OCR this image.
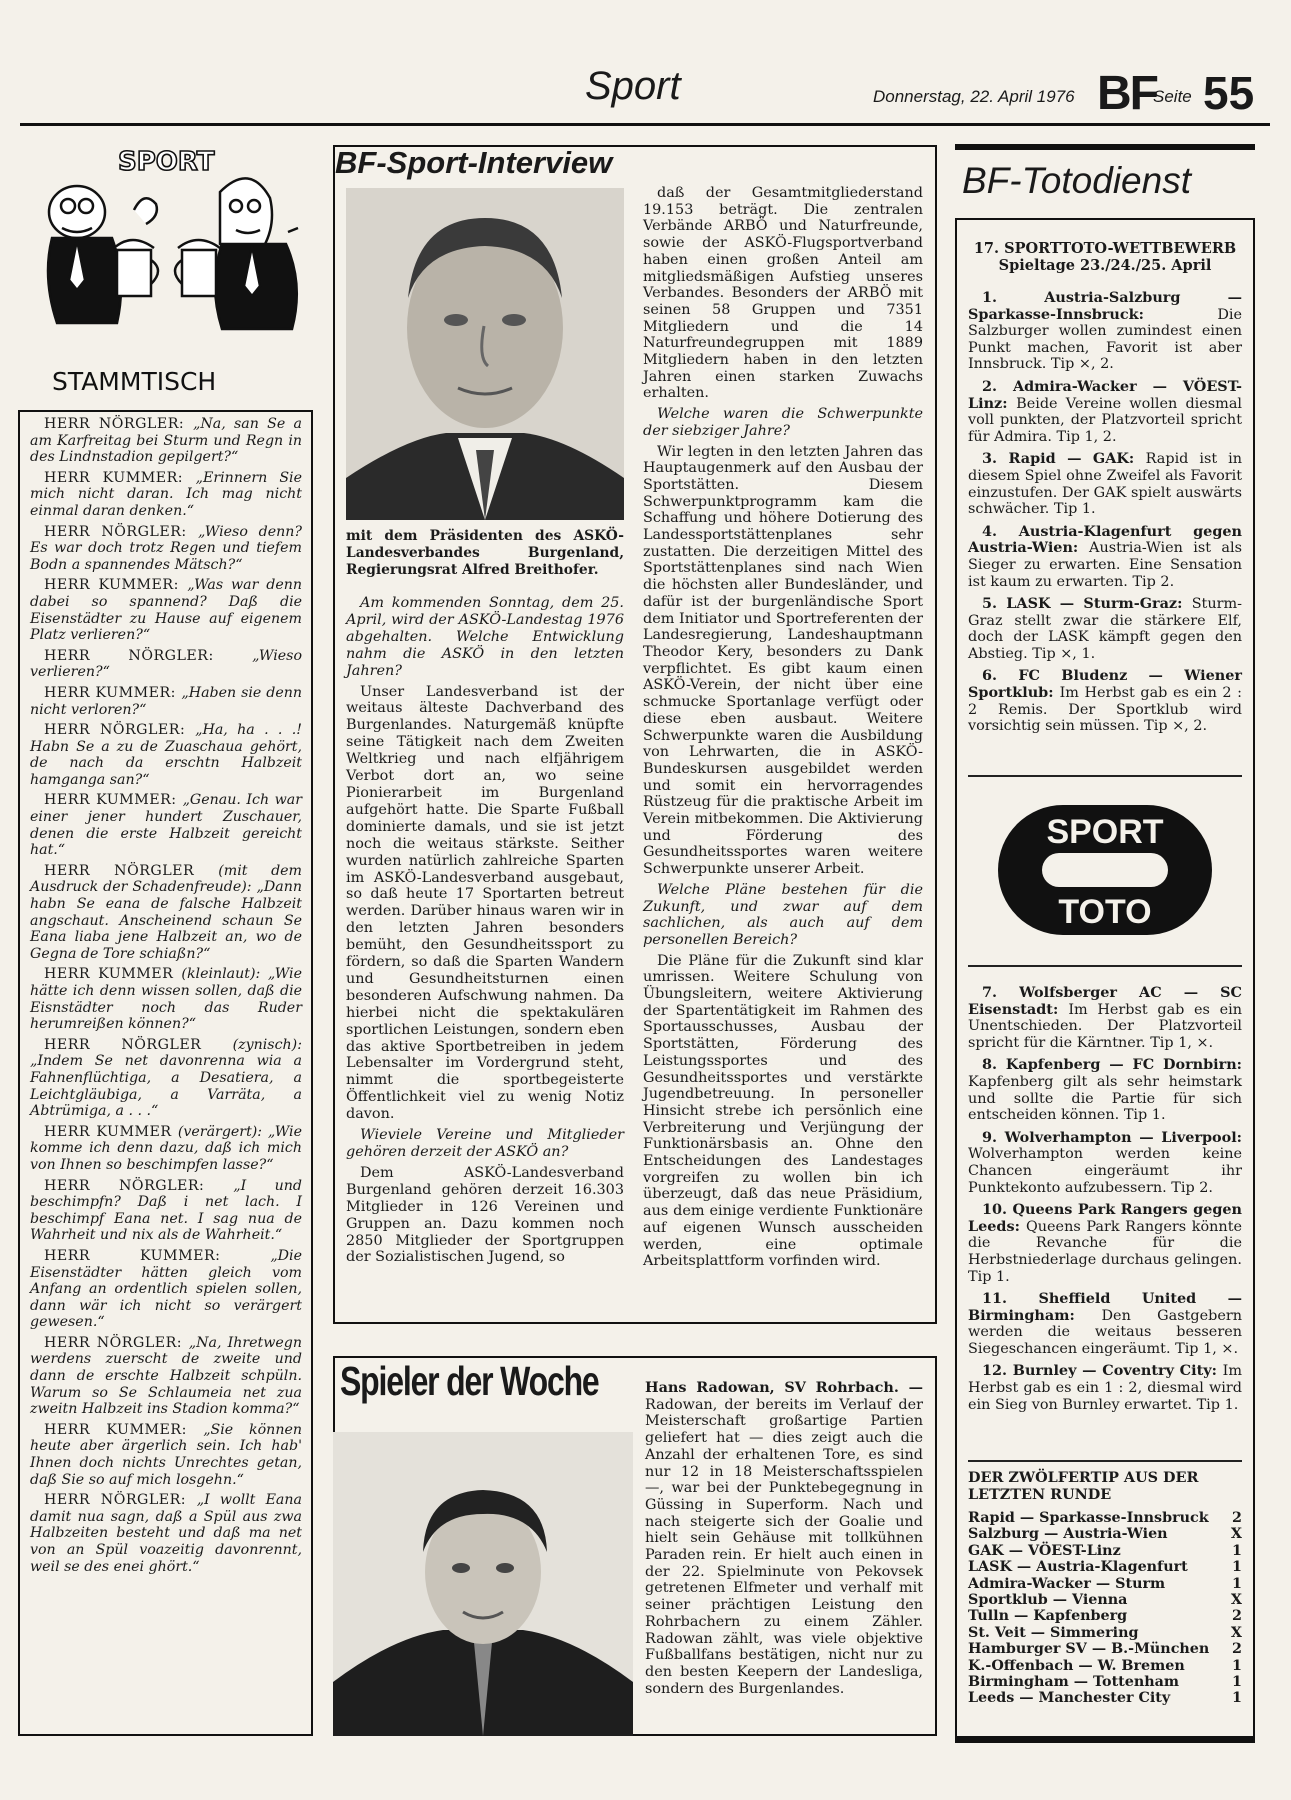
Sport	Donnerstag, 22. April 1976 BF
Seite 55
SPORT
STAMMTISCH

HERR NÖRGLER: „Na, san Se a am Karfreitag bei Sturm und Regn in des Lindnstadion gepilgert?“

HERR KUMMER: „Erinnern Sie mich nicht daran. Ich mag nicht einmal daran denken.“

HERR NÖRGLER: „Wieso denn? Es war doch trotz Regen und tiefem Bodn a spannendes Mätsch?“

HERR KUMMER: „Was war denn dabei so spannend? Daß die Eisenstädter zu Hause auf eigenem Platz verlieren?“

HERR NÖRGLER: „Wieso verlieren?“

HERR KUMMER: „Haben sie denn nicht verloren?“

HERR NÖRGLER: „Ha, ha . . .! Habn Se a zu de Zuaschaua gehört, de nach da erschtn Halbzeit hamganga san?“

HERR KUMMER: „Genau. Ich war einer jener hundert Zuschauer, denen die erste Halbzeit gereicht hat.“

HERR NÖRGLER (mit dem Ausdruck der Schadenfreude): „Dann habn Se eana de falsche Halbzeit angschaut. Anscheinend schaun Se Eana liaba jene Halbzeit an, wo de Gegna de Tore schiaßn?“

HERR KUMMER (kleinlaut): „Wie hätte ich denn wissen sollen, daß die Eisnstädter noch das Ruder herumreißen können?“

HERR NÖRGLER (zynisch): „Indem Se net davonrenna wia a Fahnenflüchtiga, a Desatiera, a Leichtgläubiga, a Varräta, a Abtrümiga, a . . .“

HERR KUMMER (verärgert): „Wie komme ich denn dazu, daß ich mich von Ihnen so beschimpfen lasse?“

HERR NÖRGLER: „I und beschimpfn? Daß i net lach. I beschimpf Eana net. I sag nua de Wahrheit und nix als de Wahrheit.“

HERR KUMMER: „Die Eisenstädter hätten gleich vom Anfang an ordentlich spielen sollen, dann wär ich nicht so verärgert gewesen.“

HERR NÖRGLER: „Na, Ihretwegn werdens zuerscht de zweite und dann de erschte Halbzeit schpüln. Warum so Se Schlaumeia net zua zweitn Halbzeit ins Stadion komma?“

HERR KUMMER: „Sie können heute aber ärgerlich sein. Ich hab' Ihnen doch nichts Unrechtes getan, daß Sie so auf mich losgehn.“

HERR NÖRGLER: „I wollt Eana damit nua sagn, daß a Spül aus zwa Halbzeiten besteht und daß ma net von an Spül voazeitig davonrennt, weil se des enei ghört.“

BF-Sport-Interview
mit dem Präsidenten des ASKÖ-Landesverbandes Burgenland, Regierungsrat Alfred Breithofer.

Am kommenden Sonntag, dem 25. April, wird der ASKÖ-Landestag 1976 abgehalten. Welche Entwicklung nahm die ASKÖ in den letzten Jahren?

Unser Landesverband ist der weitaus älteste Dachverband des Burgenlandes. Naturgemäß knüpfte seine Tätigkeit nach dem Zweiten Weltkrieg und nach elfjährigem Verbot dort an, wo seine Pionierarbeit im Burgenland aufgehört hatte. Die Sparte Fußball dominierte damals, und sie ist jetzt noch die weitaus stärkste. Seither wurden natürlich zahlreiche Sparten im ASKÖ-Landesverband ausgebaut, so daß heute 17 Sportarten betreut werden. Darüber hinaus waren wir in den letzten Jahren besonders bemüht, den Gesundheitssport zu fördern, so daß die Sparten Wandern und Gesundheitsturnen einen besonderen Aufschwung nahmen. Da hierbei nicht die spektakulären sportlichen Leistungen, sondern eben das aktive Sportbetreiben in jedem Lebensalter im Vordergrund steht, nimmt die sportbegeisterte Öffentlichkeit viel zu wenig Notiz davon.

Wieviele Vereine und Mitglieder gehören derzeit der ASKÖ an?

Dem ASKÖ-Landesverband Burgenland gehören derzeit 16.303 Mitglieder in 126 Vereinen und Gruppen an. Dazu kommen noch 2850 Mitglieder der Sportgruppen der Sozialistischen Jugend, so

daß der Gesamtmitgliederstand 19.153 beträgt. Die zentralen Verbände ARBÖ und Naturfreunde, sowie der ASKÖ-Flugsportverband haben einen großen Anteil am mitgliedsmäßigen Aufstieg unseres Verbandes. Besonders der ARBÖ mit seinen 58 Gruppen und 7351 Mitgliedern und die 14 Naturfreundegruppen mit 1889 Mitgliedern haben in den letzten Jahren einen starken Zuwachs erhalten.

Welche waren die Schwerpunkte der siebziger Jahre?

Wir legten in den letzten Jahren das Hauptaugenmerk auf den Ausbau der Sportstätten. Diesem Schwerpunktprogramm kam die Schaffung und höhere Dotierung des Landessportstättenplanes sehr zustatten. Die derzeitigen Mittel des Sportstättenplanes sind nach Wien die höchsten aller Bundesländer, und dafür ist der burgenländische Sport dem Initiator und Sportreferenten der Landesregierung, Landeshauptmann Theodor Kery, besonders zu Dank verpflichtet. Es gibt kaum einen ASKÖ-Verein, der nicht über eine schmucke Sportanlage verfügt oder diese eben ausbaut. Weitere Schwerpunkte waren die Ausbildung von Lehrwarten, die in ASKÖ-Bundeskursen ausgebildet werden und somit ein hervorragendes Rüstzeug für die praktische Arbeit im Verein mitbekommen. Die Aktivierung und Förderung des Gesundheitssportes waren weitere Schwerpunkte unserer Arbeit.

Welche Pläne bestehen für die Zukunft, und zwar auf dem sachlichen, als auch auf dem personellen Bereich?

Die Pläne für die Zukunft sind klar umrissen. Weitere Schulung von Übungsleitern, weitere Aktivierung der Spartentätigkeit im Rahmen des Sportausschusses, Ausbau der Sportstätten, Förderung des Leistungssportes und des Gesundheitssportes und verstärkte Jugendbetreuung. In personeller Hinsicht strebe ich persönlich eine Verbreiterung und Verjüngung der Funktionärsbasis an. Ohne den Entscheidungen des Landestages vorgreifen zu wollen bin ich überzeugt, daß das neue Präsidium, aus dem einige verdiente Funktionäre auf eigenen Wunsch ausscheiden werden, eine optimale Arbeitsplattform vorfinden wird.

Spieler der Woche	Hans Radowan, SV Rohrbach. — Radowan, der bereits im Verlauf der Meisterschaft großartige Partien geliefert hat — dies zeigt auch die Anzahl der erhaltenen Tore, es sind nur 12 in 18 Meisterschaftsspielen —, war bei der Punktebegegnung in Güssing in Superform. Nach und nach steigerte sich der Goalie und hielt sein Gehäuse mit tollkühnen Paraden rein. Er hielt auch einen in der 22. Spielminute von Pekovsek getretenen Elfmeter und verhalf mit seiner prächtigen Leistung den Rohrbachern zu einem Zähler. Radowan zählt, was viele objektive Fußballfans bestätigen, nicht nur zu den besten Keepern der Landesliga, sondern des Burgenlandes.
BF-Totodienst
17. SPORTTOTO-WETTBEWERB
Spieltage 23./24./25. April

1. Austria-Salzburg — Sparkasse-Innsbruck: Die Salzburger wollen zumindest einen Punkt machen, Favorit ist aber Innsbruck. Tip ×, 2.

2. Admira-Wacker — VÖEST-Linz: Beide Vereine wollen diesmal voll punkten, der Platzvorteil spricht für Admira. Tip 1, 2.

3. Rapid — GAK: Rapid ist in diesem Spiel ohne Zweifel als Favorit einzustufen. Der GAK spielt auswärts schwächer. Tip 1.

4. Austria-Klagenfurt gegen Austria-Wien: Austria-Wien ist als Sieger zu erwarten. Eine Sensation ist kaum zu erwarten. Tip 2.

5. LASK — Sturm-Graz: Sturm-Graz stellt zwar die stärkere Elf, doch der LASK kämpft gegen den Abstieg. Tip ×, 1.

6. FC Bludenz — Wiener Sportklub: Im Herbst gab es ein 2 : 2 Remis. Der Sportklub wird vorsichtig sein müssen. Tip ×, 2.

SPORT
TOTO

7. Wolfsberger AC — SC Eisenstadt: Im Herbst gab es ein Unentschieden. Der Platzvorteil spricht für die Kärntner. Tip 1, ×.

8. Kapfenberg — FC Dornbirn: Kapfenberg gilt als sehr heimstark und sollte die Partie für sich entscheiden können. Tip 1.

9. Wolverhampton — Liverpool: Wolverhampton werden keine Chancen eingeräumt ihr Punktekonto aufzubessern. Tip 2.

10. Queens Park Rangers gegen Leeds: Queens Park Rangers könnte die Revanche für die Herbstniederlage durchaus gelingen. Tip 1.

11. Sheffield United — Birmingham: Den Gastgebern werden die weitaus besseren Siegeschancen eingeräumt. Tip 1, ×.

12. Burnley — Coventry City: Im Herbst gab es ein 1 : 2, diesmal wird ein Sieg von Burnley erwartet. Tip 1.

DER ZWÖLFERTIP AUS DER LETZTEN RUNDE
Rapid — Sparkasse-Innsbruck 2
Salzburg — Austria-Wien	X
GAK — VÖEST-Linz	1
LASK — Austria-Klagenfurt	1
Admira-Wacker — Sturm	1
Sportklub — Vienna	X
Tulln — Kapfenberg	2
St. Veit — Simmering	X
Hamburger SV — B.-München 2
K.-Offenbach — W. Bremen	1
Birmingham — Tottenham	1
Leeds — Manchester City	1
